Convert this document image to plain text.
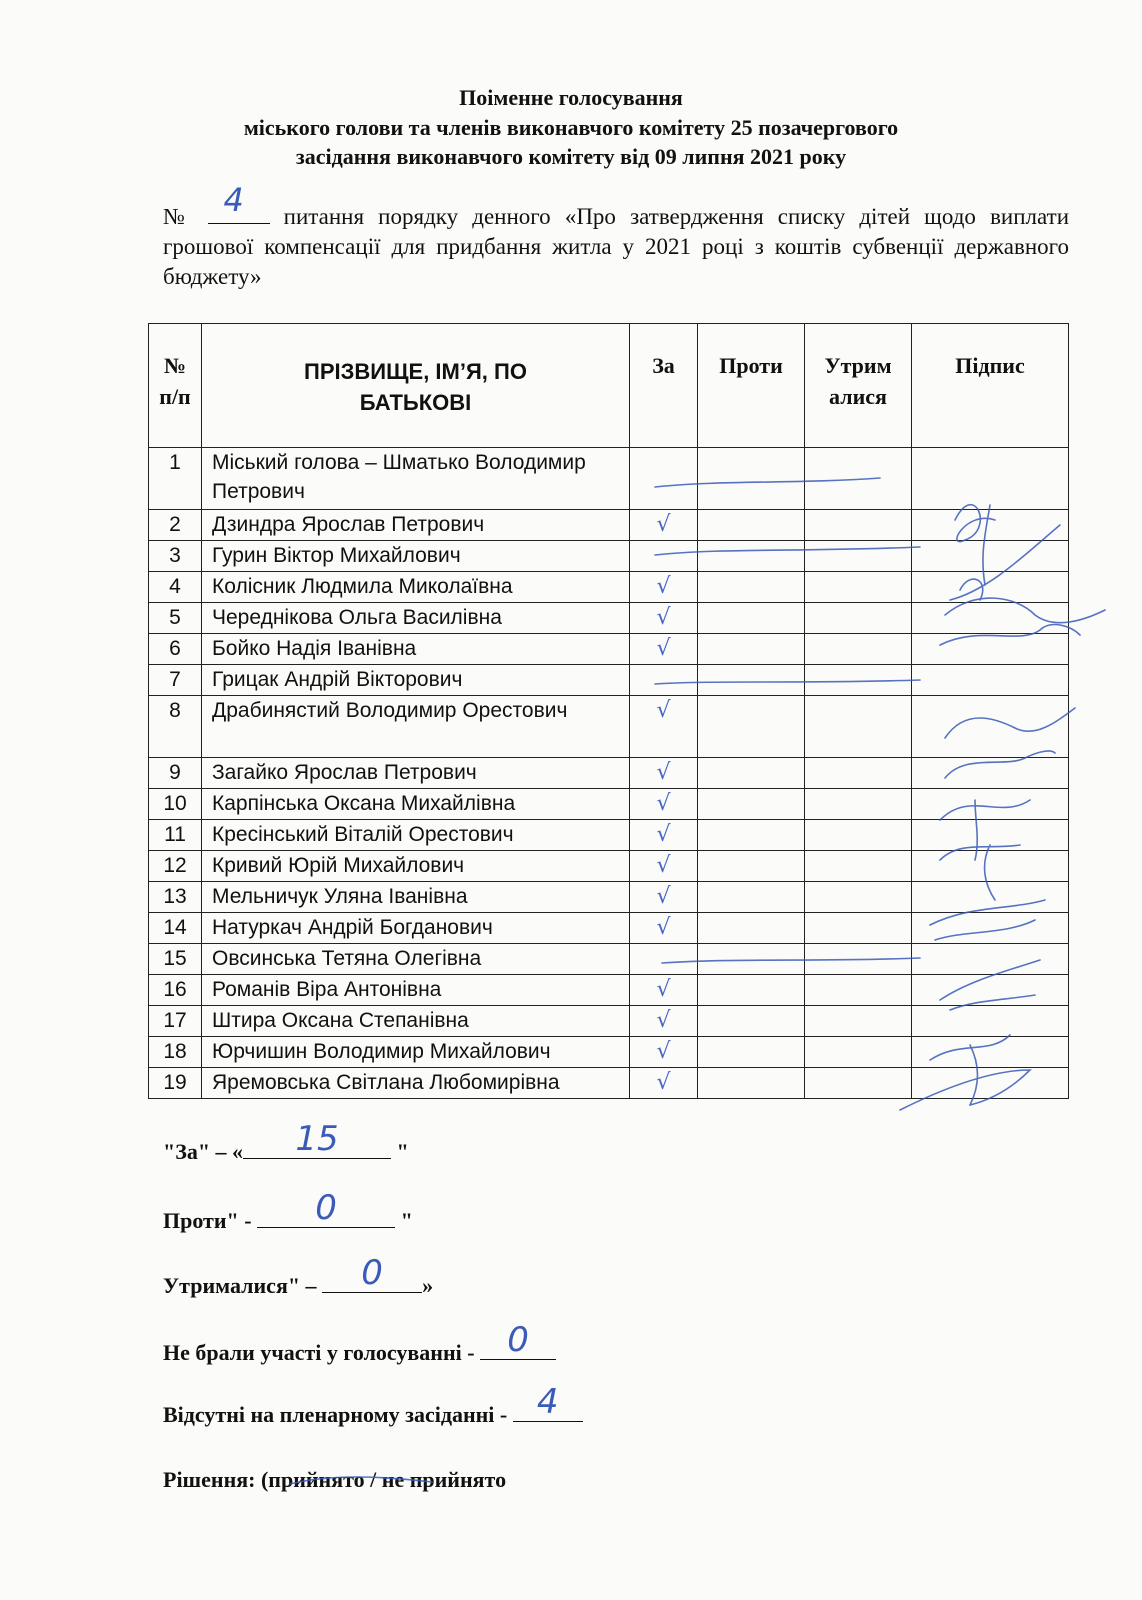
Поіменне голосування
міського голови та членів виконавчого комітету 25 позачергового
засідання виконавчого комітету від 09 липня 2021 року
№ 4 питання порядку денного «Про затвердження списку дітей щодо виплати грошової компенсації для придбання житла у 2021 році з коштів субвенції державного бюджету»
№ п/п	ПРІЗВИЩЕ, ІМ’Я, ПО БАТЬКОВІ	За	Проти	Утрим алися	Підпис
1	Міський голова – Шматько Володимир Петрович				
2	Дзиндра Ярослав Петрович	√			
3	Гурин Віктор Михайлович				
4	Колісник Людмила Миколаївна	√			
5	Череднікова Ольга Василівна	√			
6	Бойко Надія Іванівна	√			
7	Грицак Андрій Вікторович				
8	Драбинястий Володимир Орестович	√			
9	Загайко Ярослав Петрович	√			
10	Карпінська Оксана Михайлівна	√			
11	Кресінський Віталій Орестович	√			
12	Кривий Юрій Михайлович	√			
13	Мельничук Уляна Іванівна	√			
14	Натуркач Андрій Богданович	√			
15	Овсинська Тетяна Олегівна				
16	Романів Віра Антонівна	√			
17	Штира Оксана Степанівна	√			
18	Юрчишин Володимир Михайлович	√			
19	Яремовська Світлана Любомирівна	√			
"За" – «	15	"
Проти" -	0	"
Утрималися" –	0	»
Не брали участі у голосуванні - 0
Відсутні на пленарному засіданні - 4
Рішення: (прийнято / не прийнято
